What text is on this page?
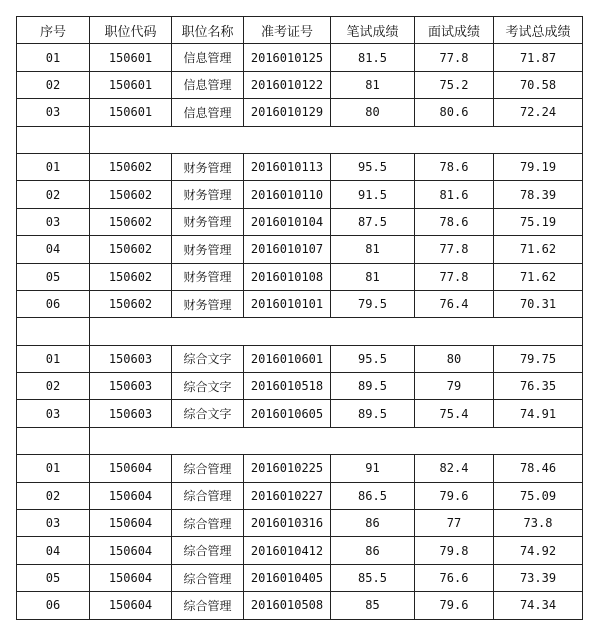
序号	职位代码	职位名称	准考证号	笔试成绩	面试成绩	考试总成绩
01	150601	信息管理	2016010125	81.5	77.8	71.87
02	150601	信息管理	2016010122	81	75.2	70.58
03	150601	信息管理	2016010129	80	80.6	72.24

01	150602	财务管理	2016010113	95.5	78.6	79.19
02	150602	财务管理	2016010110	91.5	81.6	78.39
03	150602	财务管理	2016010104	87.5	78.6	75.19
04	150602	财务管理	2016010107	81	77.8	71.62
05	150602	财务管理	2016010108	81	77.8	71.62
06	150602	财务管理	2016010101	79.5	76.4	70.31

01	150603	综合文字	2016010601	95.5	80	79.75
02	150603	综合文字	2016010518	89.5	79	76.35
03	150603	综合文字	2016010605	89.5	75.4	74.91

01	150604	综合管理	2016010225	91	82.4	78.46
02	150604	综合管理	2016010227	86.5	79.6	75.09
03	150604	综合管理	2016010316	86	77	73.8
04	150604	综合管理	2016010412	86	79.8	74.92
05	150604	综合管理	2016010405	85.5	76.6	73.39
06	150604	综合管理	2016010508	85	79.6	74.34
